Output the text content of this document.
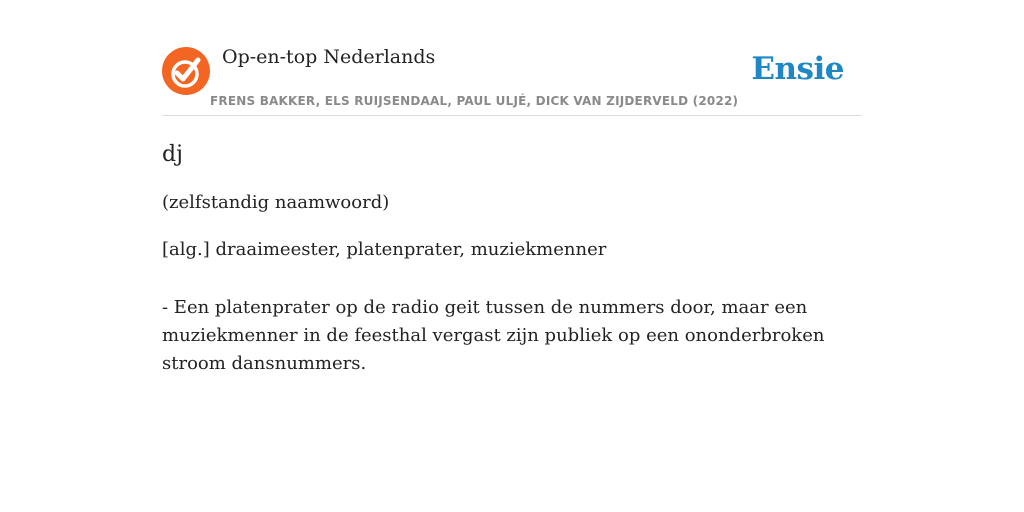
Op-en-top Nederlands
FRENS BAKKER, ELS RUIJSENDAAL, PAUL ULJÉ, DICK VAN ZIJDERVELD (2022)
Ensie
dj
(zelfstandig naamwoord)
[alg.] draaimeester, platenprater, muziekmenner
- Een platenprater op de radio geit tussen de nummers door, maar een muziekmenner in de feesthal vergast zijn publiek op een ononderbroken stroom dansnummers.
